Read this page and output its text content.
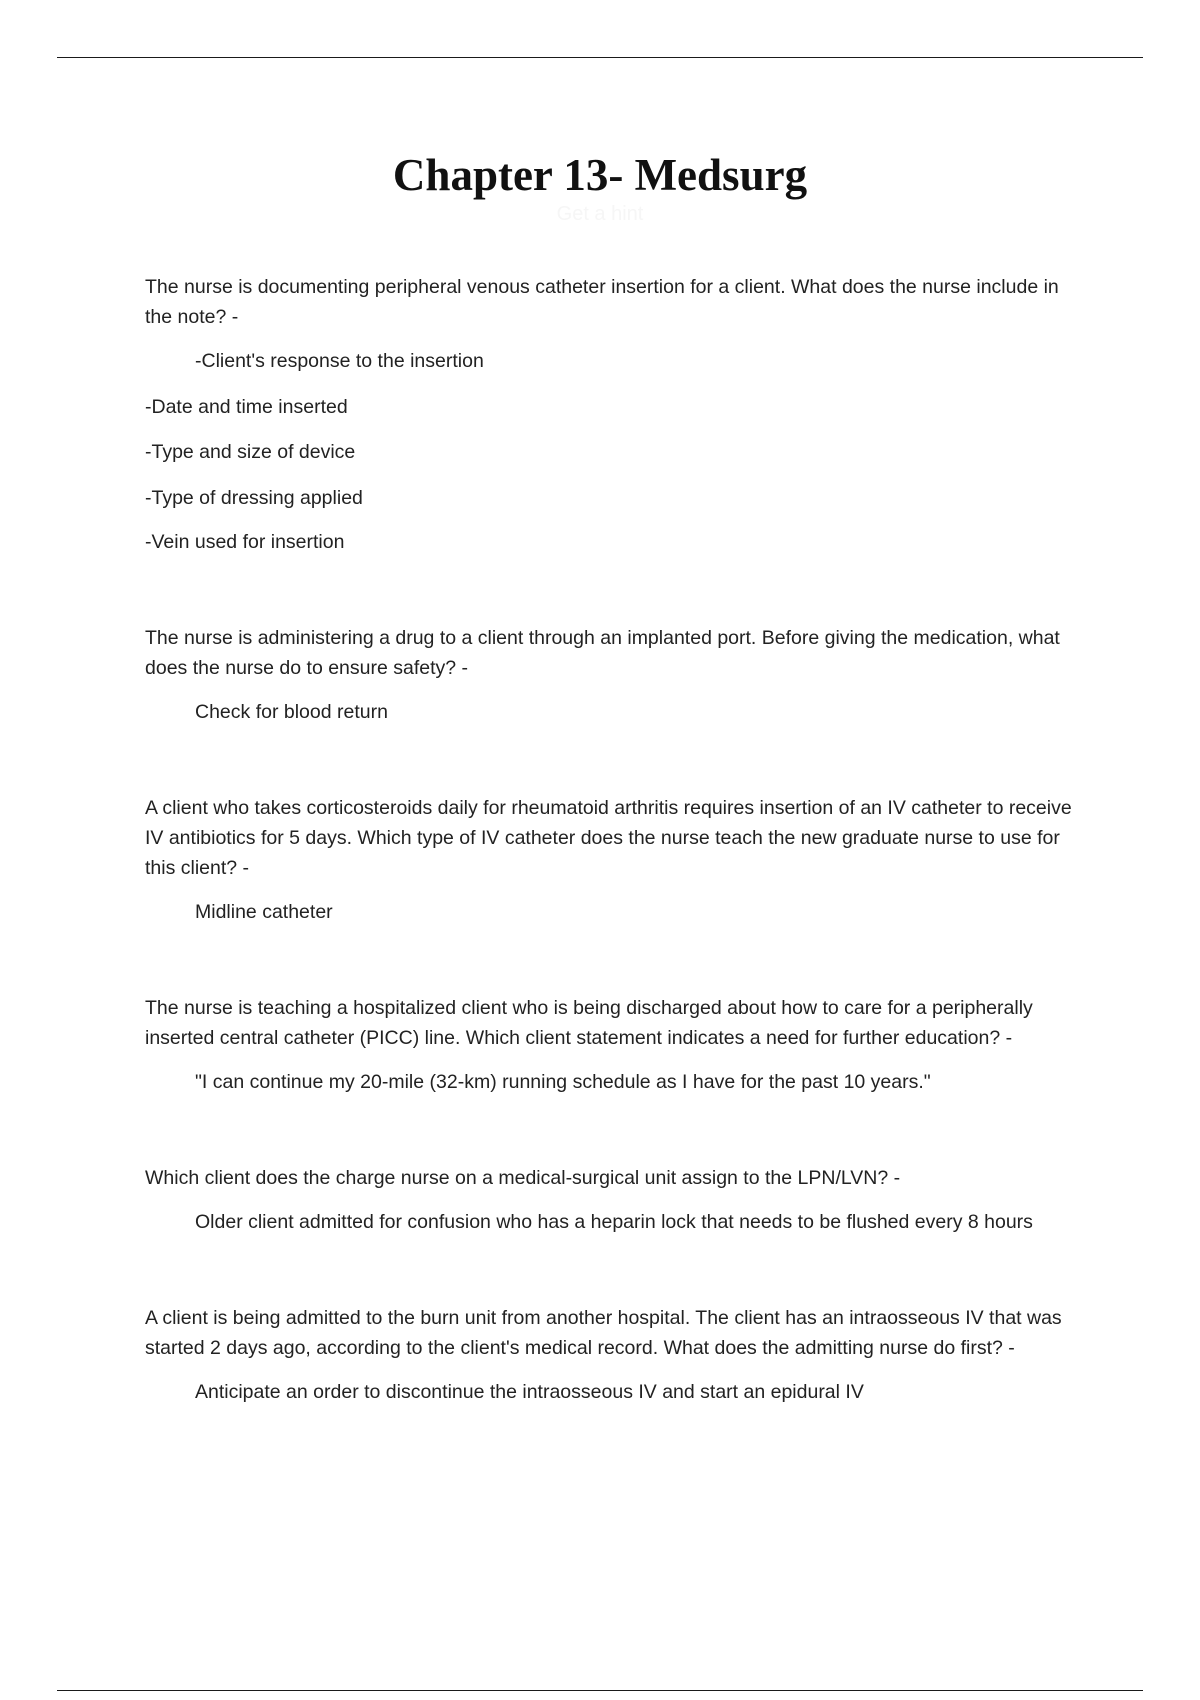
Chapter 13- Medsurg
Get a hint

The nurse is documenting peripheral venous catheter insertion for a client. What does the nurse include in the note? -

-Client's response to the insertion

-Date and time inserted

-Type and size of device

-Type of dressing applied

-Vein used for insertion

The nurse is administering a drug to a client through an implanted port. Before giving the medication, what does the nurse do to ensure safety? -

Check for blood return

A client who takes corticosteroids daily for rheumatoid arthritis requires insertion of an IV catheter to receive IV antibiotics for 5 days. Which type of IV catheter does the nurse teach the new graduate nurse to use for this client? -

Midline catheter

The nurse is teaching a hospitalized client who is being discharged about how to care for a peripherally inserted central catheter (PICC) line. Which client statement indicates a need for further education? -

"I can continue my 20-mile (32-km) running schedule as I have for the past 10 years."

Which client does the charge nurse on a medical-surgical unit assign to the LPN/LVN? -

Older client admitted for confusion who has a heparin lock that needs to be flushed every 8 hours

A client is being admitted to the burn unit from another hospital. The client has an intraosseous IV that was started 2 days ago, according to the client's medical record. What does the admitting nurse do first? -

Anticipate an order to discontinue the intraosseous IV and start an epidural IV
